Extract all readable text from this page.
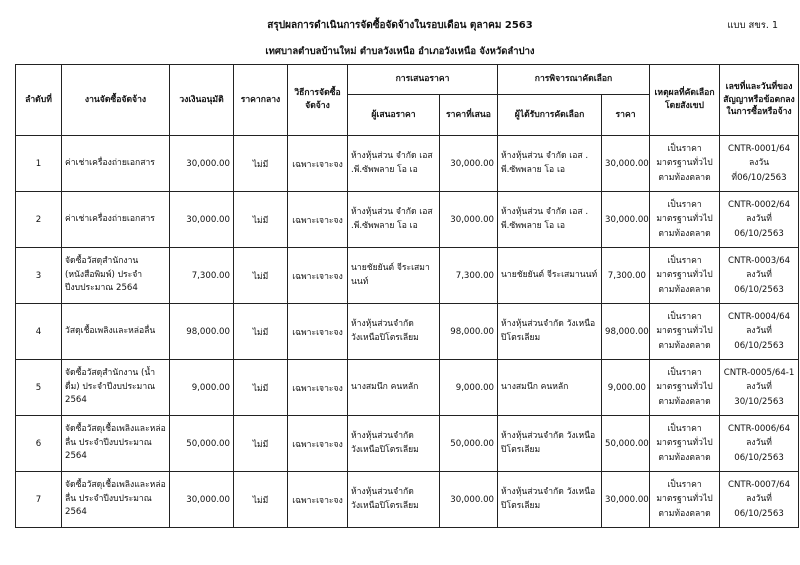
สรุปผลการดำเนินการจัดซื้อจัดจ้างในรอบเดือน ตุลาคม 2563	แบบ สขร. 1
เทศบาลตำบลบ้านใหม่ ตำบลวังเหนือ อำเภอวังเหนือ จังหวัดลำปาง
ลำดับที่	งานจัดซื้อจัดจ้าง	วงเงินอนุมัติ	ราคากลาง	วิธีการจัดซื้อจัดจ้าง	การเสนอราคา		การพิจารณาคัดเลือก		เหตุผลที่คัดเลือกโดยสังเขป	เลขที่และวันที่ของสัญญาหรือข้อตกลงในการซื้อหรือจ้าง
					ผู้เสนอราคา	ราคาที่เสนอ	ผู้ได้รับการคัดเลือก	ราคา		
1	ค่าเช่าเครื่องถ่ายเอกสาร	30,000.00	ไม่มี	เฉพาะเจาะจง	ห้างหุ้นส่วน จำกัด เอส .พี.ซัพพลาย โอ เอ	30,000.00	ห้างหุ้นส่วน จำกัด เอส . พี.ซัพพลาย โอ เอ	30,000.00	เป็นราคามาตรฐานทั่วไปตามท้องตลาด	CNTR-0001/64 ลงวันที่06/10/2563
2	ค่าเช่าเครื่องถ่ายเอกสาร	30,000.00	ไม่มี	เฉพาะเจาะจง	ห้างหุ้นส่วน จำกัด เอส .พี.ซัพพลาย โอ เอ	30,000.00	ห้างหุ้นส่วน จำกัด เอส . พี.ซัพพลาย โอ เอ	30,000.00	เป็นราคามาตรฐานทั่วไปตามท้องตลาด	CNTR-0002/64 ลงวันที่ 06/10/2563
3	จัดซื้อวัสดุสำนักงาน (หนังสือพิมพ์) ประจำปีงบประมาณ 2564	7,300.00	ไม่มี	เฉพาะเจาะจง	นายชัยยันต์ จีระเสมานนท์	7,300.00	นายชัยยันต์ จีระเสมานนท์	7,300.00	เป็นราคามาตรฐานทั่วไปตามท้องตลาด	CNTR-0003/64 ลงวันที่ 06/10/2563
4	วัสดุเชื้อเพลิงและหล่อลื่น	98,000.00	ไม่มี	เฉพาะเจาะจง	ห้างหุ้นส่วนจำกัด วังเหนือปิโตรเลียม	98,000.00	ห้างหุ้นส่วนจำกัด วังเหนือปิโตรเลียม	98,000.00	เป็นราคามาตรฐานทั่วไปตามท้องตลาด	CNTR-0004/64 ลงวันที่ 06/10/2563
5	จัดซื้อวัสดุสำนักงาน (น้ำดื่ม) ประจำปีงบประมาณ 2564	9,000.00	ไม่มี	เฉพาะเจาะจง	นางสมนึก คนหลัก	9,000.00	นางสมนึก คนหลัก	9,000.00	เป็นราคามาตรฐานทั่วไปตามท้องตลาด	CNTR-0005/64-1 ลงวันที่ 30/10/2563
6	จัดซื้อวัสดุเชื้อเพลิงและหล่อลื่น ประจำปีงบประมาณ 2564	50,000.00	ไม่มี	เฉพาะเจาะจง	ห้างหุ้นส่วนจำกัด วังเหนือปิโตรเลียม	50,000.00	ห้างหุ้นส่วนจำกัด วังเหนือปิโตรเลียม	50,000.00	เป็นราคามาตรฐานทั่วไปตามท้องตลาด	CNTR-0006/64 ลงวันที่ 06/10/2563
7	จัดซื้อวัสดุเชื้อเพลิงและหล่อลื่น ประจำปีงบประมาณ 2564	30,000.00	ไม่มี	เฉพาะเจาะจง	ห้างหุ้นส่วนจำกัด วังเหนือปิโตรเลียม	30,000.00	ห้างหุ้นส่วนจำกัด วังเหนือปิโตรเลียม	30,000.00	เป็นราคามาตรฐานทั่วไปตามท้องตลาด	CNTR-0007/64 ลงวันที่ 06/10/2563
